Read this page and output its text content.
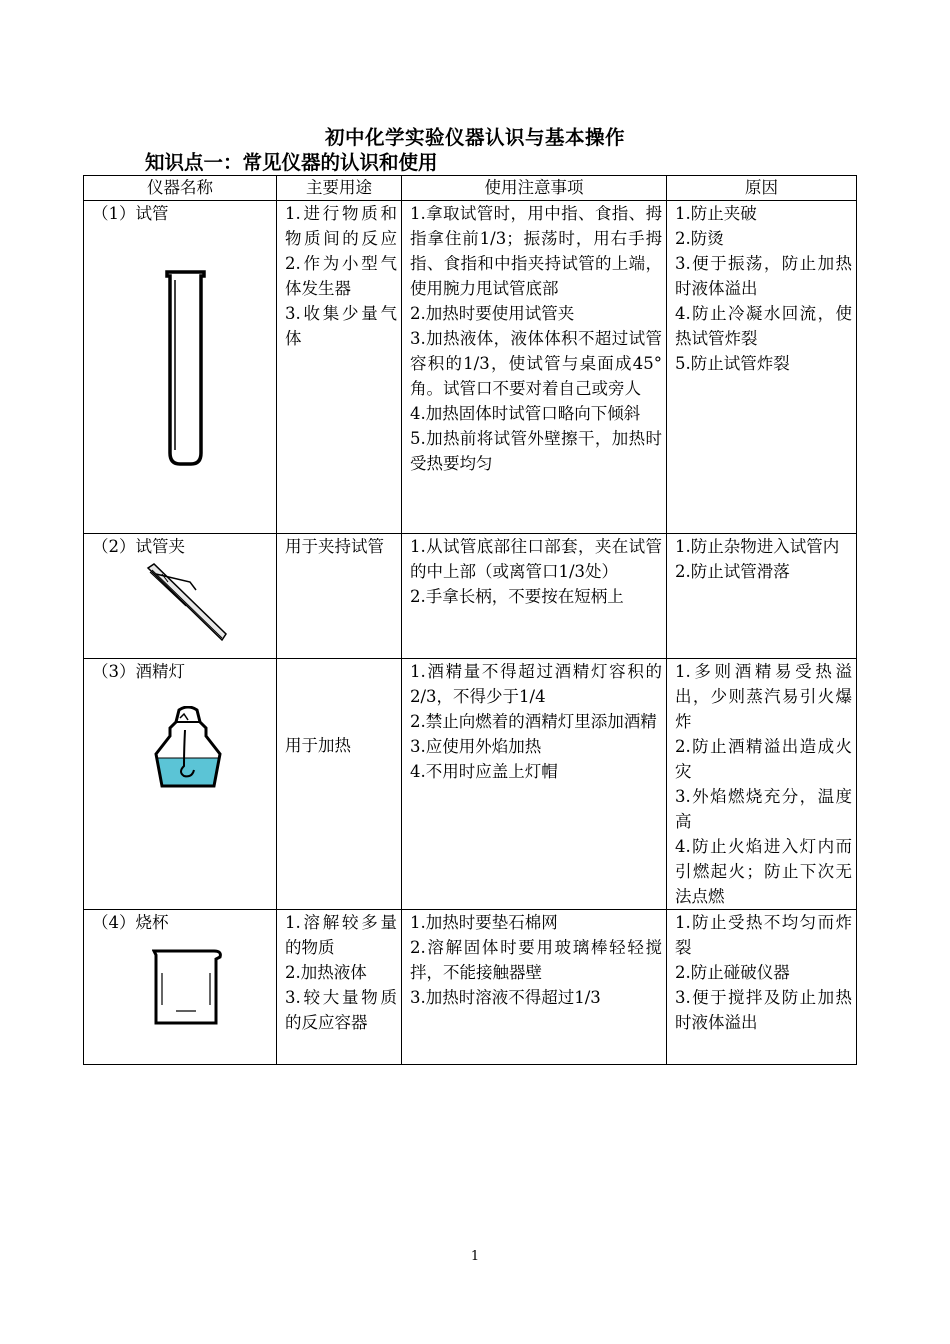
初中化学实验仪器认识与基本操作
知识点一：常见仪器的认识和使用
仪器名称	主要用途	使用注意事项	原因

（1）试管	1.进行物质和物质间的反应 2.作为小型气体发生器
3.收集少量气体	1.拿取试管时，用中指、食指、拇指拿住前1/3；振荡时，用右手拇指、食指和中指夹持试管的上端，使用腕力甩试管底部
2.加热时要使用试管夹
3.加热液体，液体体积不超过试管容积的1/3，使试管与桌面成45°角。试管口不要对着自己或旁人
4.加热固体时试管口略向下倾斜
5.加热前将试管外壁擦干，加热时受热要均匀	1.防止夹破
2.防烫
3.便于振荡，防止加热时液体溢出
4.防止冷凝水回流，使热试管炸裂
5.防止试管炸裂

（2）试管夹	用于夹持试管	1.从试管底部往口部套，夹在试管的中上部（或离管口1/3处）
2.手拿长柄，不要按在短柄上	1.防止杂物进入试管内
2.防止试管滑落

（3）酒精灯	用于加热	1.酒精量不得超过酒精灯容积的2/3，不得少于1/4
2.禁止向燃着的酒精灯里添加酒精
3.应使用外焰加热
4.不用时应盖上灯帽	1.多则酒精易受热溢出，少则蒸汽易引火爆炸
2.防止酒精溢出造成火灾
3.外焰燃烧充分，温度高
4.防止火焰进入灯内而引燃起火；防止下次无法点燃

（4）烧杯	1.溶解较多量的物质
2.加热液体
3.较大量物质的反应容器	1.加热时要垫石棉网
2.溶解固体时要用玻璃棒轻轻搅拌，不能接触器壁
3.加热时溶液不得超过1/3	1.防止受热不均匀而炸裂
2.防止碰破仪器
3.便于搅拌及防止加热时液体溢出
1
